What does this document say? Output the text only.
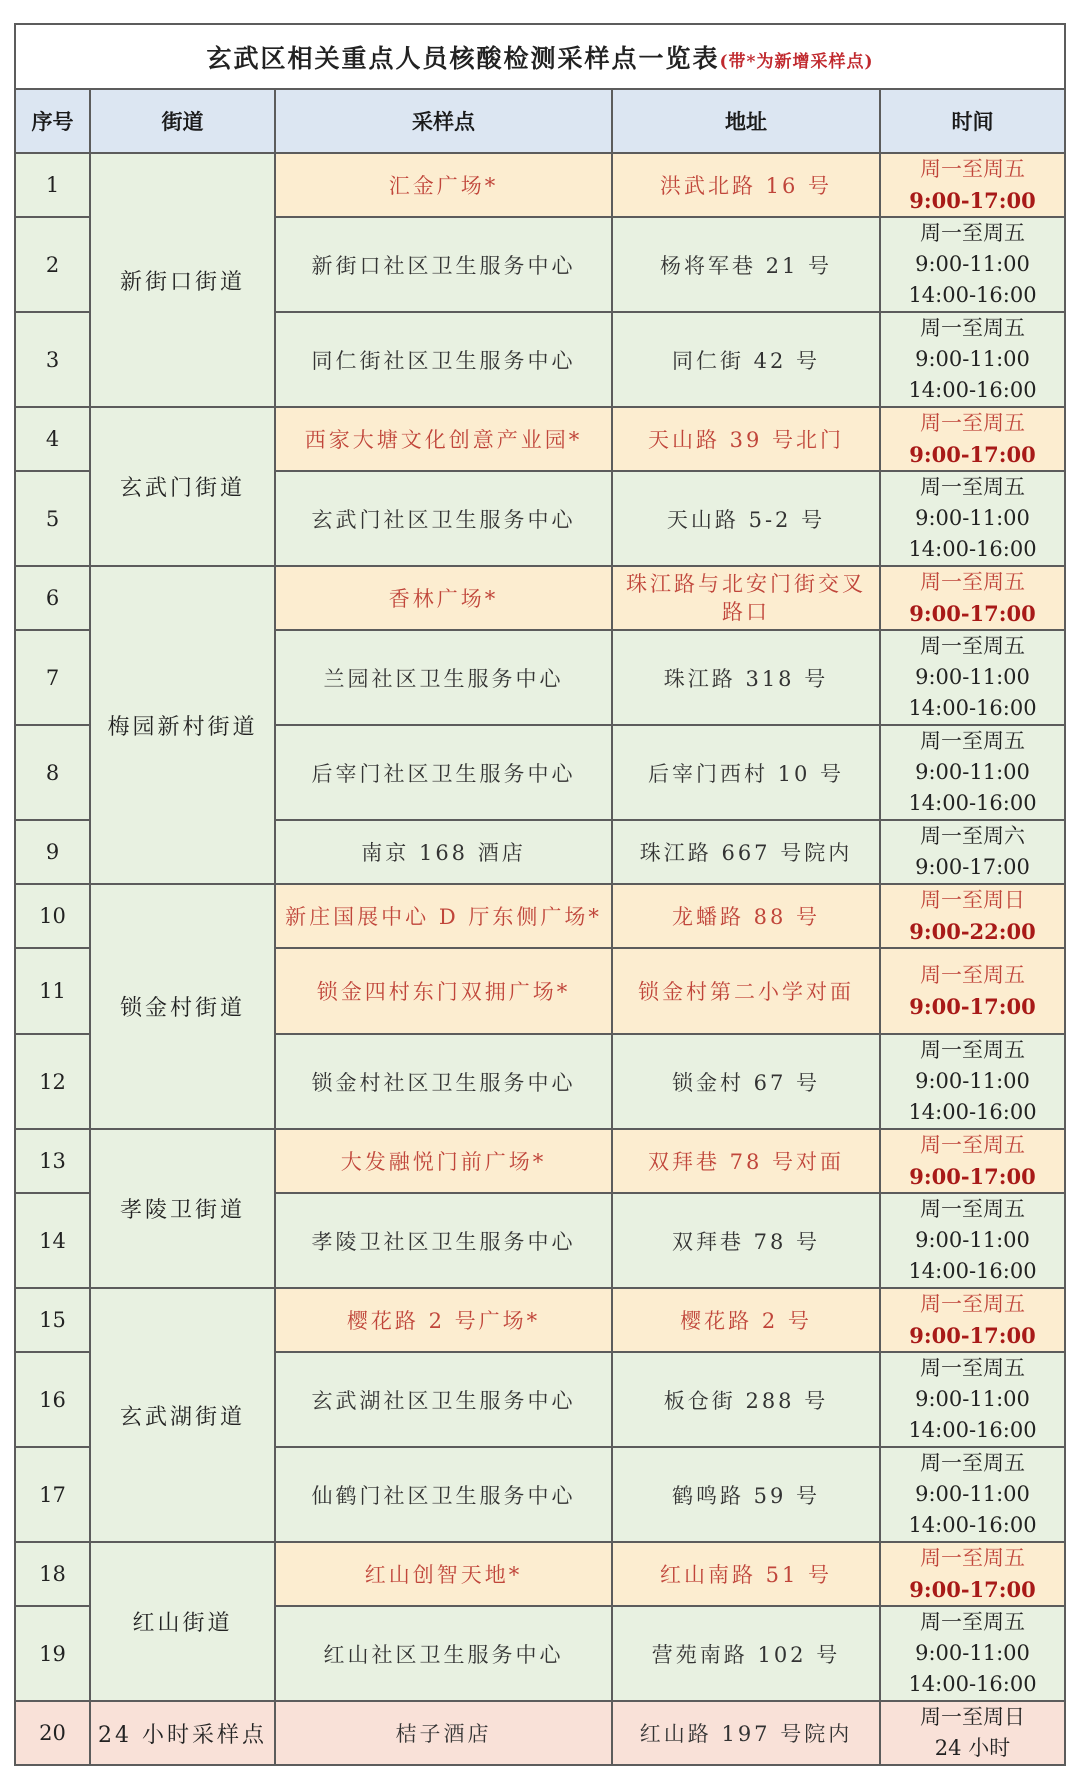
玄武区相关重点人员核酸检测采样点一览表(带*为新增采样点)				
序号	街道	采样点	地址	时间
1	新街口街道	汇金广场*	洪武北路 16 号	周一至周五
9:00-17:00

2		新街口社区卫生服务中心	杨将军巷 21 号	周一至周五
9:00-11:00
14:00-16:00

3		同仁街社区卫生服务中心	同仁街 42 号	周一至周五
9:00-11:00
14:00-16:00

4	玄武门街道	西家大塘文化创意产业园*	天山路 39 号北门	周一至周五
9:00-17:00

5		玄武门社区卫生服务中心	天山路 5-2 号	周一至周五
9:00-11:00
14:00-16:00

6	梅园新村街道	香林广场*	珠江路与北安门街交叉路口	周一至周五
9:00-17:00

7		兰园社区卫生服务中心	珠江路 318 号	周一至周五
9:00-11:00
14:00-16:00

8		后宰门社区卫生服务中心	后宰门西村 10 号	周一至周五
9:00-11:00
14:00-16:00

9		南京 168 酒店	珠江路 667 号院内	周一至周六
9:00-17:00

10	锁金村街道	新庄国展中心 D 厅东侧广场*	龙蟠路 88 号	周一至周日
9:00-22:00

11		锁金四村东门双拥广场*	锁金村第二小学对面	周一至周五
9:00-17:00

12		锁金村社区卫生服务中心	锁金村 67 号	周一至周五
9:00-11:00
14:00-16:00

13	孝陵卫街道	大发融悦门前广场*	双拜巷 78 号对面	周一至周五
9:00-17:00

14		孝陵卫社区卫生服务中心	双拜巷 78 号	周一至周五
9:00-11:00
14:00-16:00

15	玄武湖街道	樱花路 2 号广场*	樱花路 2 号	周一至周五
9:00-17:00

16		玄武湖社区卫生服务中心	板仓街 288 号	周一至周五
9:00-11:00
14:00-16:00

17		仙鹤门社区卫生服务中心	鹤鸣路 59 号	周一至周五
9:00-11:00
14:00-16:00

18	红山街道	红山创智天地*	红山南路 51 号	周一至周五
9:00-17:00

19		红山社区卫生服务中心	营苑南路 102 号	周一至周五
9:00-11:00
14:00-16:00

20	24 小时采样点	桔子酒店	红山路 197 号院内	周一至周日
24 小时
